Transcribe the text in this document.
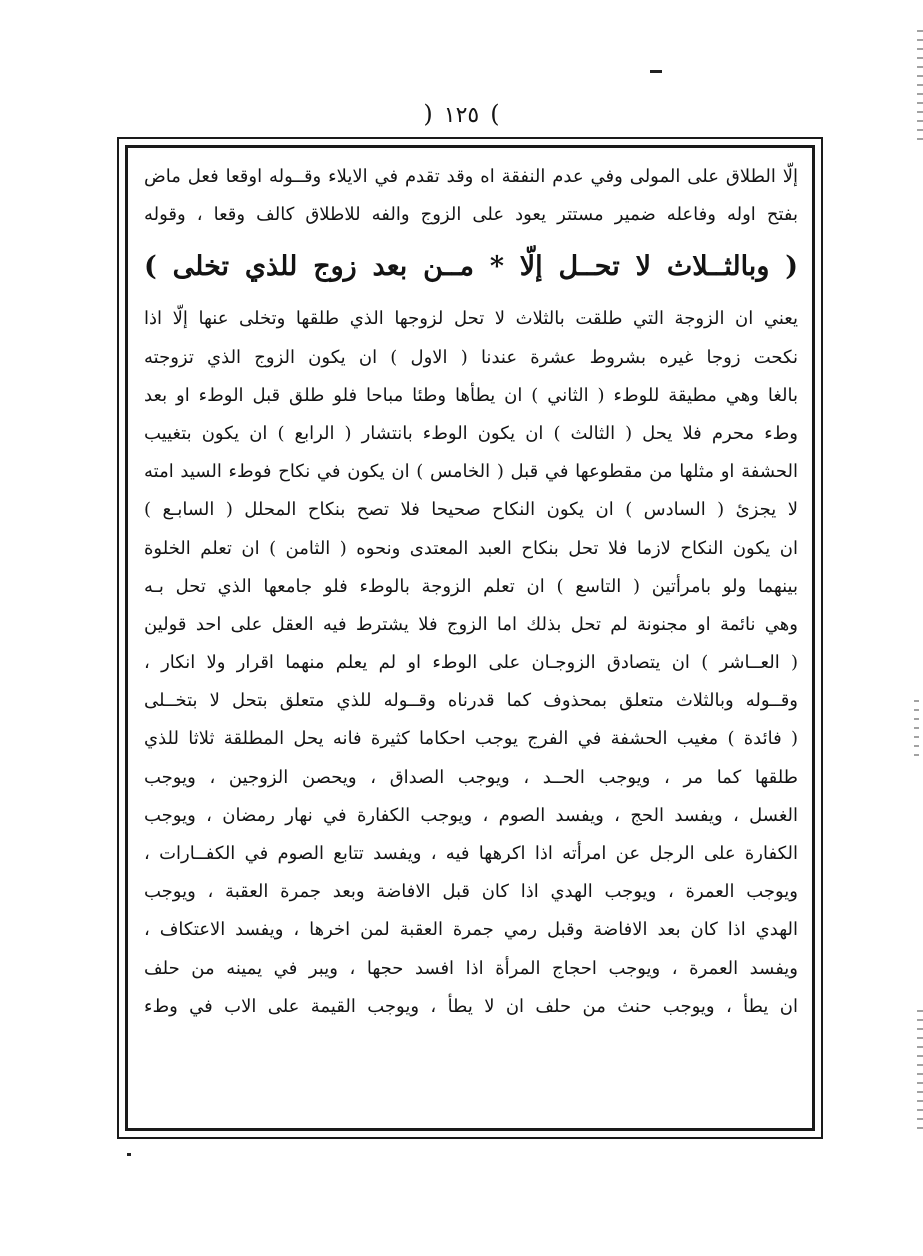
) ١٢٥ (
إلّا الطلاق على المولى وفي عدم النفقة اه وقد تقدم في الايلاء وقــوله اوقعا فعل ماض
بفتح اوله وفاعله ضمير مستتر يعود على الزوج والفه للاطلاق كالف وقعا ، وقوله
( وبالثــلاث لا تحــل إلّا * مــن بعد زوج للذي تخلى )
يعني ان الزوجة التي طلقت بالثلاث لا تحل لزوجها الذي طلقها وتخلى عنها إلّا اذا
نكحت زوجا غيره بشروط عشرة عندنا ( الاول ) ان يكون الزوج الذي تزوجته
بالغا وهي مطيقة للوطء ( الثاني ) ان يطأها وطئا مباحا فلو طلق قبل الوطء او بعد
وطء محرم فلا يحل ( الثالث ) ان يكون الوطء بانتشار ( الرابع ) ان يكون بتغييب
الحشفة او مثلها من مقطوعها في قبل ( الخامس ) ان يكون في نكاح فوطء السيد امته
لا يجزئ ( السادس ) ان يكون النكاح صحيحا فلا تصح بنكاح المحلل ( السابـع )
ان يكون النكاح لازما فلا تحل بنكاح العبد المعتدى ونحوه ( الثامن ) ان تعلم الخلوة
بينهما ولو بامرأتين ( التاسع ) ان تعلم الزوجة بالوطء فلو جامعها الذي تحل بـه
وهي نائمة او مجنونة لم تحل بذلك اما الزوج فلا يشترط فيه العقل على احد قولين
( العــاشر ) ان يتصادق الزوجـان على الوطء او لم يعلم منهما اقرار ولا انكار ،
وقــوله وبالثلاث متعلق بمحذوف كما قدرناه وقــوله للذي متعلق بتحل لا بتخــلى
( فائدة ) مغيب الحشفة في الفرج يوجب احكاما كثيرة فانه يحل المطلقة ثلاثا للذي
طلقها كما مر ، ويوجب الحــد ، ويوجب الصداق ، ويحصن الزوجين ، ويوجب
الغسل ، ويفسد الحج ، ويفسد الصوم ، ويوجب الكفارة في نهار رمضان ، ويوجب
الكفارة على الرجل عن امرأته اذا اكرهها فيه ، ويفسد تتابع الصوم في الكفــارات ،
ويوجب العمرة ، ويوجب الهدي اذا كان قبل الافاضة وبعد جمرة العقبة ، ويوجب
الهدي اذا كان بعد الافاضة وقبل رمي جمرة العقبة لمن اخرها ، ويفسد الاعتكاف ،
ويفسد العمرة ، ويوجب احجاج المرأة اذا افسد حجها ، ويبر في يمينه من حلف
ان يطأ ، ويوجب حنث من حلف ان لا يطأ ، ويوجب القيمة على الاب في وطء
